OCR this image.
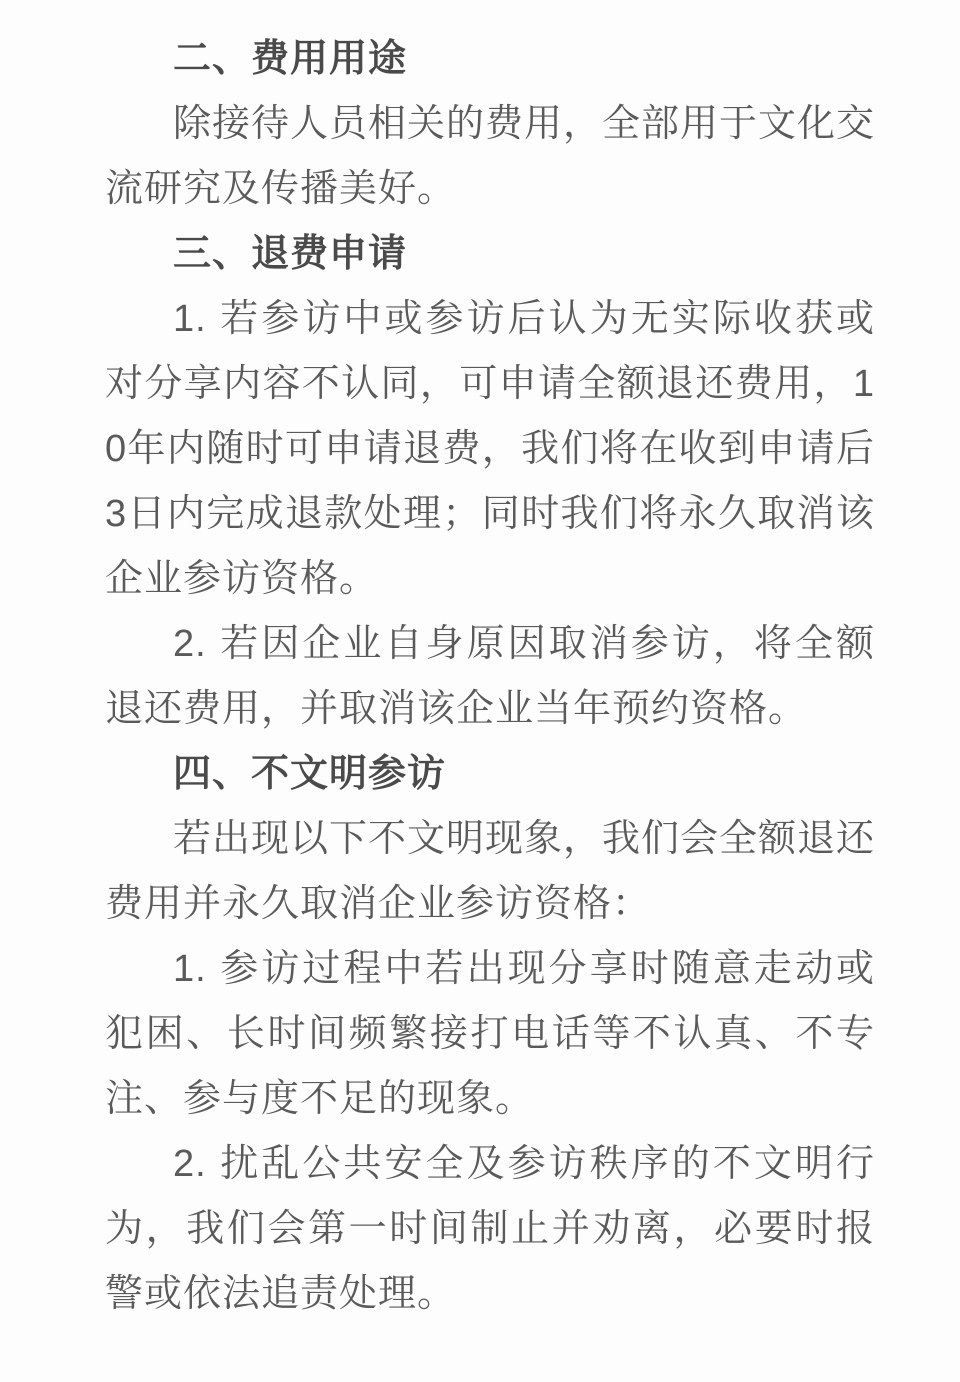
二、费用用途

除接待人员相关的费用，全部用于文化交流研究及传播美好。

三、退费申请

1. 若参访中或参访后认为无实际收获或对分享内容不认同，可申请全额退还费用，10年内随时可申请退费，我们将在收到申请后3日内完成退款处理；同时我们将永久取消该企业参访资格。

2. 若因企业自身原因取消参访，将全额退还费用，并取消该企业当年预约资格。

四、不文明参访

若出现以下不文明现象，我们会全额退还费用并永久取消企业参访资格：

1. 参访过程中若出现分享时随意走动或犯困、长时间频繁接打电话等不认真、不专注、参与度不足的现象。

2. 扰乱公共安全及参访秩序的不文明行为，我们会第一时间制止并劝离，必要时报警或依法追责处理。
